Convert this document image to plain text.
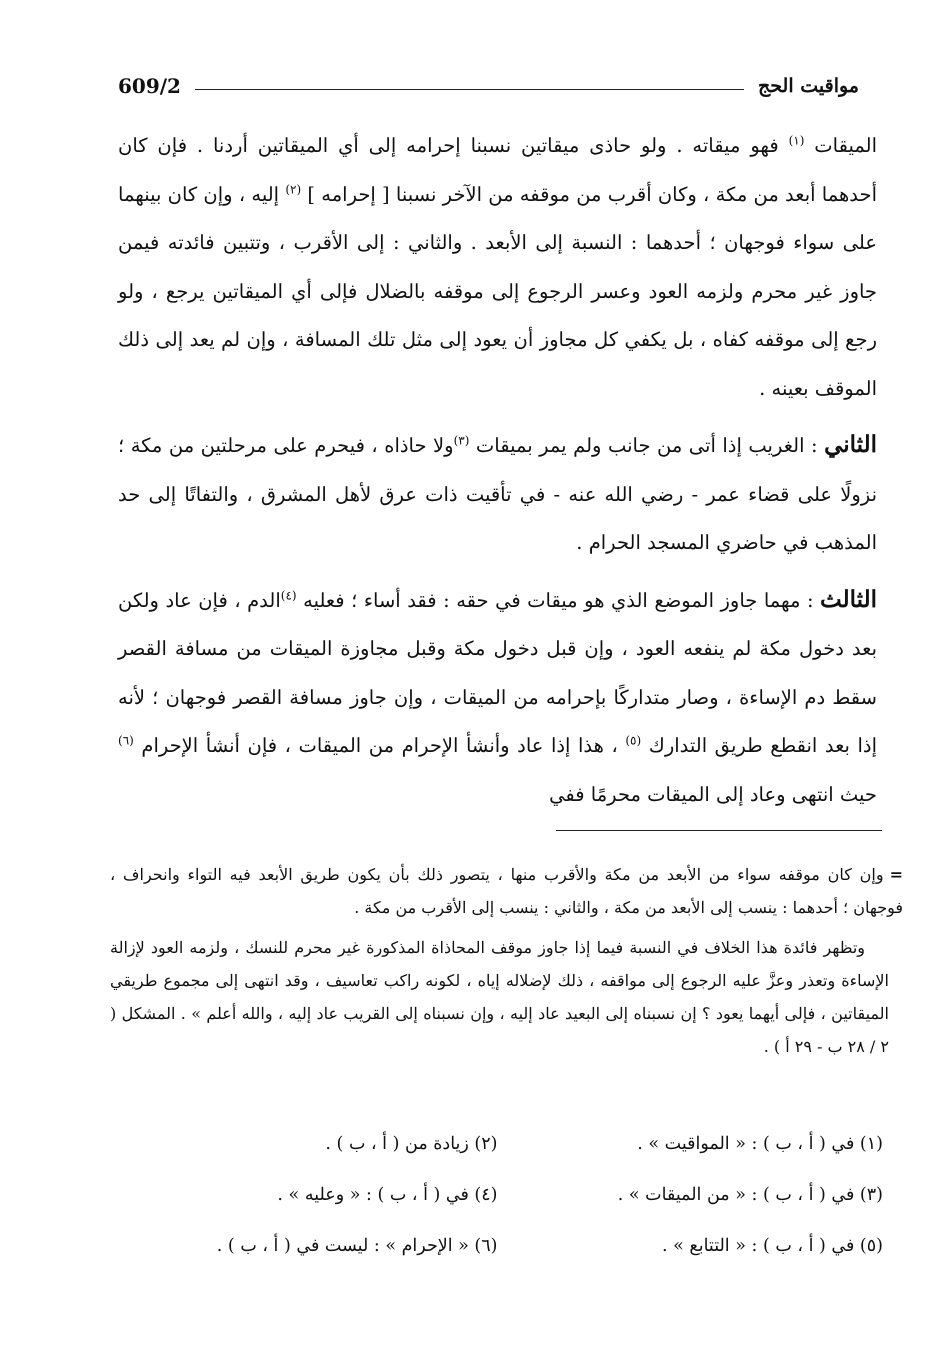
مواقيت الحج
609/2

الميقات $^{(١)}$ فهو ميقاته . ولو حاذى ميقاتين نسبنا إحرامه إلى أي الميقاتين أردنا . فإن كان أحدهما أبعد من مكة ، وكان أقرب من موقفه من الآخر نسبنا [ إحرامه ] $^{(٢)}$ إليه ، وإن كان بينهما على سواء فوجهان ؛ أحدهما : النسبة إلى الأبعد . والثاني : إلى الأقرب ، وتتبين فائدته فيمن جاوز غير محرم ولزمه العود وعسر الرجوع إلى موقفه بالضلال فإلى أي الميقاتين يرجع ، ولو رجع إلى موقفه كفاه ، بل يكفي كل مجاوز أن يعود إلى مثل تلك المسافة ، وإن لم يعد إلى ذلك الموقف بعينه .

الثاني : الغريب إذا أتى من جانب ولم يمر بميقات $^{(٣)}$ولا حاذاه ، فيحرم على مرحلتين من مكة ؛ نزولًا على قضاء عمر - رضي الله عنه - في تأقيت ذات عرق لأهل المشرق ، والتفاتًا إلى حد المذهب في حاضري المسجد الحرام .

الثالث : مهما جاوز الموضع الذي هو ميقات في حقه : فقد أساء ؛ فعليه $^{(٤)}$الدم ، فإن عاد ولكن بعد دخول مكة لم ينفعه العود ، وإن قبل دخول مكة وقبل مجاوزة الميقات من مسافة القصر سقط دم الإساءة ، وصار متداركًا بإحرامه من الميقات ، وإن جاوز مسافة القصر فوجهان ؛ لأنه إذا بعد انقطع طريق التدارك $^{(٥)}$ ، هذا إذا عاد وأنشأ الإحرام من الميقات ، فإن أنشأ الإحرام $^{(٦)}$ حيث انتهى وعاد إلى الميقات محرمًا ففي

=وإن كان موقفه سواء من الأبعد من مكة والأقرب منها ، يتصور ذلك بأن يكون طريق الأبعد فيه التواء وانحراف ، فوجهان ؛ أحدهما : ينسب إلى الأبعد من مكة ، والثاني : ينسب إلى الأقرب من مكة .

وتظهر فائدة هذا الخلاف في النسبة فيما إذا جاوز موقف المحاذاة المذكورة غير محرم للنسك ، ولزمه العود لإزالة الإساءة وتعذر وعزَّ عليه الرجوع إلى مواقفه ، ذلك لإضلاله إياه ، لكونه راكب تعاسيف ، وقد انتهى إلى مجموع طريقي الميقاتين ، فإلى أيهما يعود ؟ إن نسبناه إلى البعيد عاد إليه ، وإن نسبناه إلى القريب عاد إليه ، والله أعلم » . المشكل ( ٢ / ٢٨ ب - ٢٩ أ ) .

(١) في ( أ ، ب ) : « المواقيت » .
(٢) زيادة من ( أ ، ب ) .
(٣) في ( أ ، ب ) : « من الميقات » .
(٤) في ( أ ، ب ) : « وعليه » .
(٥) في ( أ ، ب ) : « التتابع » .
(٦) « الإحرام » : ليست في ( أ ، ب ) .
